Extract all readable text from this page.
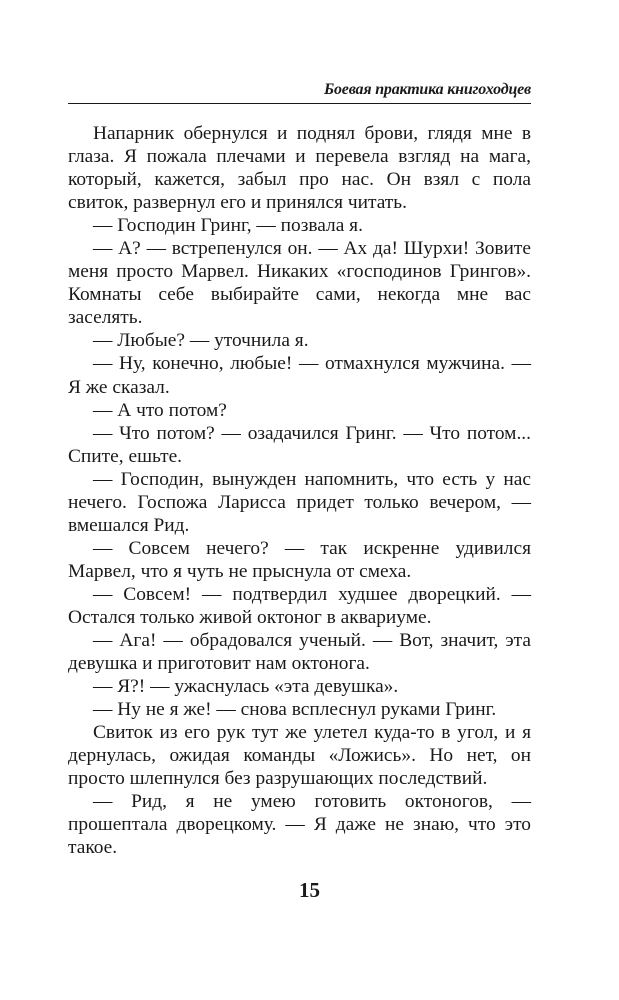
Боевая практика книгоходцев

Напарник обернулся и поднял брови, глядя мне в глаза. Я пожала плечами и перевела взгляд на мага, который, кажется, забыл про нас. Он взял с пола свиток, развернул его и принялся читать.

— Господин Гринг, — позвала я.

— А? — встрепенулся он. — Ах да! Шурхи! Зовите меня просто Марвел. Никаких «господинов Грингов». Комнаты себе выбирайте сами, некогда мне вас заселять.

— Любые? — уточнила я.

— Ну, конечно, любые! — отмахнулся мужчина. — Я же сказал.

— А что потом?

— Что потом? — озадачился Гринг. — Что потом... Спите, ешьте.

— Господин, вынужден напомнить, что есть у нас нечего. Госпожа Ларисса придет только вечером, — вмешался Рид.

— Совсем нечего? — так искренне удивился Марвел, что я чуть не прыснула от смеха.

— Совсем! — подтвердил худшее дворецкий. — Остался только живой октоног в аквариуме.

— Ага! — обрадовался ученый. — Вот, значит, эта девушка и приготовит нам октонога.

— Я?! — ужаснулась «эта девушка».

— Ну не я же! — снова всплеснул руками Гринг.

Свиток из его рук тут же улетел куда-то в угол, и я дернулась, ожидая команды «Ложись». Но нет, он просто шлепнулся без разрушающих последствий.

— Рид, я не умею готовить октоногов, — прошептала дворецкому. — Я даже не знаю, что это такое.

15
